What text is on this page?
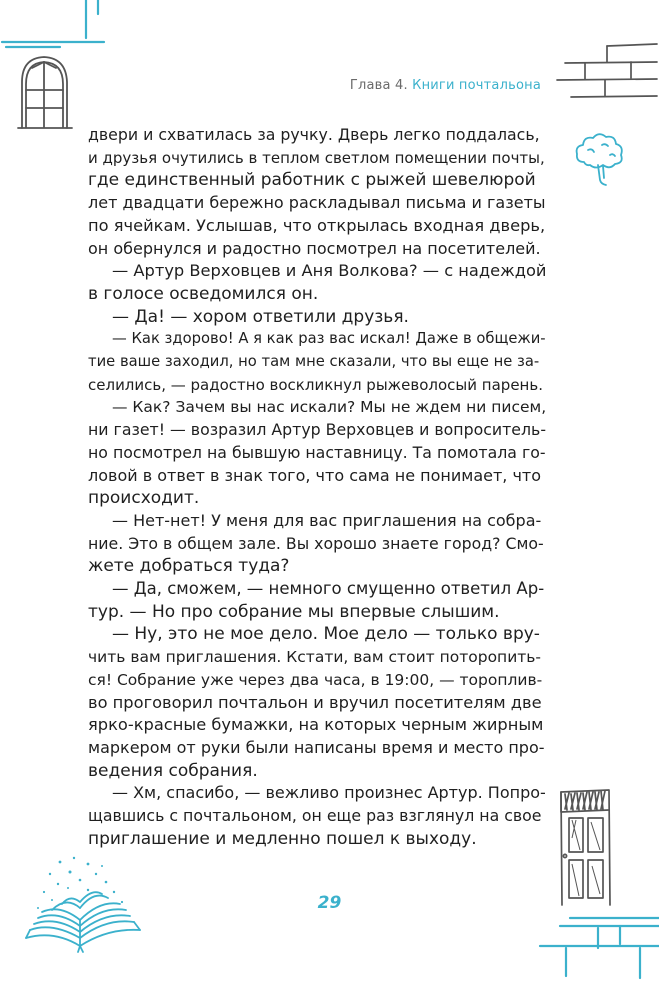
Глава 4. Книги почтальона
двери и схватилась за ручку. Дверь легко поддалась,
и друзья очутились в теплом светлом помещении почты,
где единственный работник с рыжей шевелюрой
лет двадцати бережно раскладывал письма и газеты
по ячейкам. Услышав, что открылась входная дверь,
он обернулся и радостно посмотрел на посетителей.
— Артур Верховцев и Аня Волкова? — с надеждой
в голосе осведомился он.
— Да! — хором ответили друзья.
— Как здорово! А я как раз вас искал! Даже в общежи-
тие ваше заходил, но там мне сказали, что вы еще не за-
селились, — радостно воскликнул рыжеволосый парень.
— Как? Зачем вы нас искали? Мы не ждем ни писем,
ни газет! — возразил Артур Верховцев и вопроситель-
но посмотрел на бывшую наставницу. Та помотала го-
ловой в ответ в знак того, что сама не понимает, что
происходит.
— Нет-нет! У меня для вас приглашения на собра-
ние. Это в общем зале. Вы хорошо знаете город? Смо-
жете добраться туда?
— Да, сможем, — немного смущенно ответил Ар-
тур. — Но про собрание мы впервые слышим.
— Ну, это не мое дело. Мое дело — только вру-
чить вам приглашения. Кстати, вам стоит поторопить-
ся! Собрание уже через два часа, в 19:00, — тороплив-
во проговорил почтальон и вручил посетителям две
ярко-красные бумажки, на которых черным жирным
маркером от руки были написаны время и место про-
ведения собрания.
— Хм, спасибо, — вежливо произнес Артур. Попро-
щавшись с почтальоном, он еще раз взглянул на свое
приглашение и медленно пошел к выходу.
29
